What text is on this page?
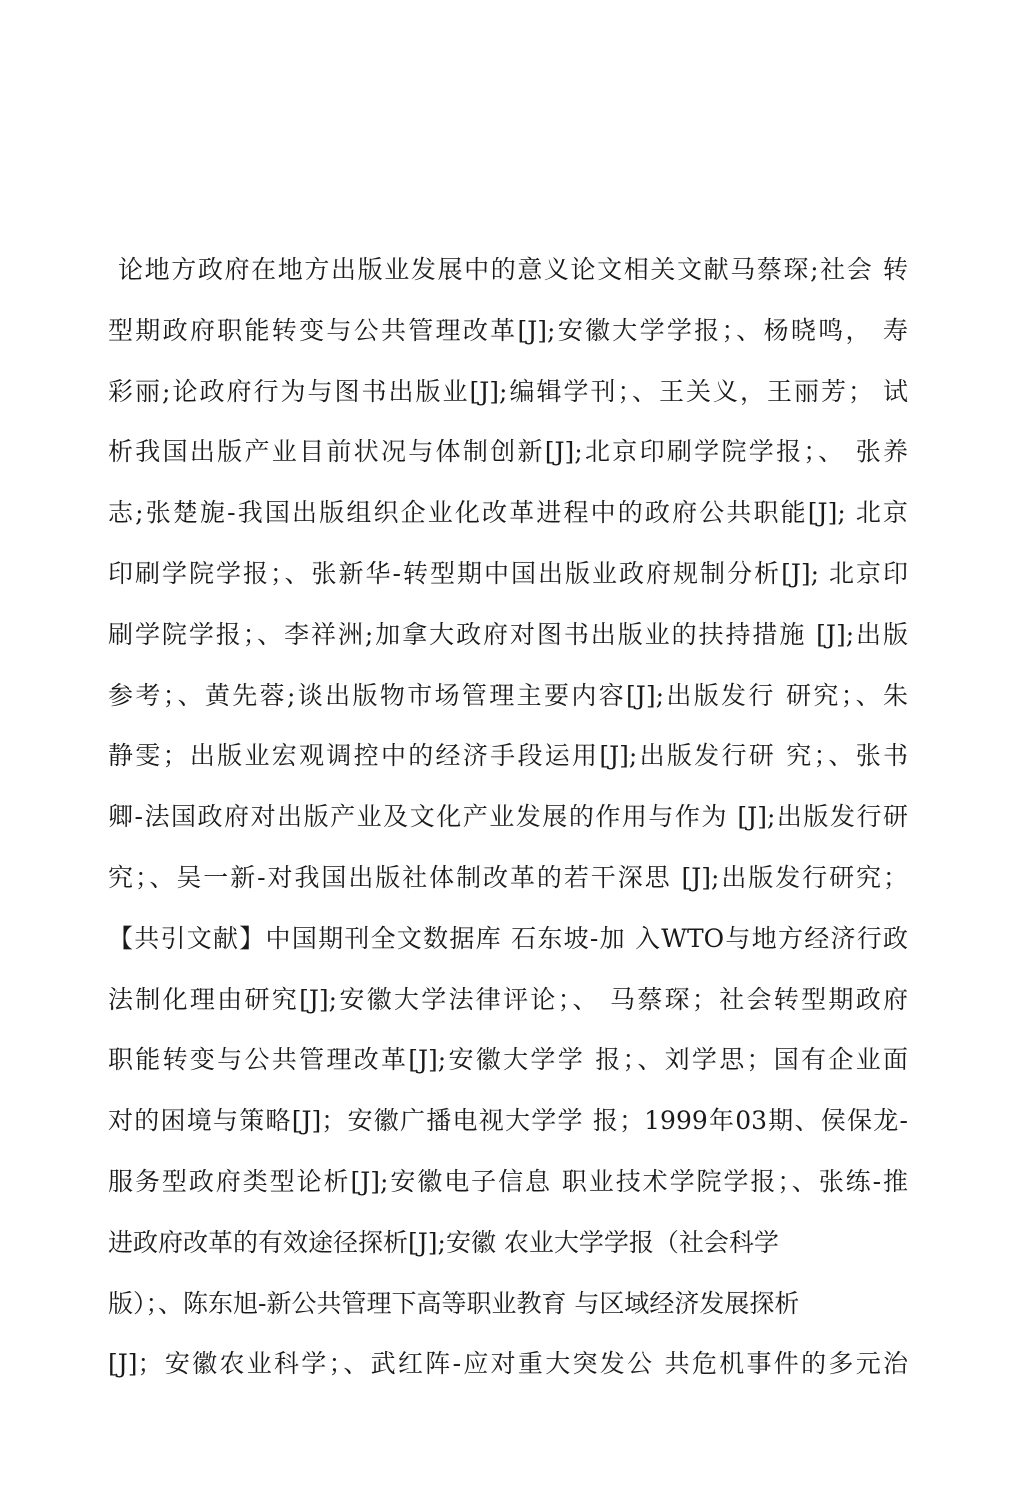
论地方政府在地方出版业发展中的意义论文相关文献马蔡琛;社会 转
型期政府职能转变与公共管理改革[J];安徽大学学报；、杨晓鸣， 寿
彩丽;论政府行为与图书出版业[J];编辑学刊；、王关义，王丽芳； 试
析我国出版产业目前状况与体制创新[J];北京印刷学院学报；、 张养
志;张楚旎-我国出版组织企业化改革进程中的政府公共职能[J]; 北京
印刷学院学报；、张新华-转型期中国出版业政府规制分析[J]; 北京印
刷学院学报；、李祥洲;加拿大政府对图书出版业的扶持措施 [J];出版
参考；、黄先蓉;谈出版物市场管理主要内容[J];出版发行 研究；、朱
静雯；出版业宏观调控中的经济手段运用[J];出版发行研 究；、张书
卿-法国政府对出版产业及文化产业发展的作用与作为 [J];出版发行研
究；、吴一新-对我国出版社体制改革的若干深思 [J];出版发行研究；
【共引文献】中国期刊全文数据库 石东坡-加 入WTO与地方经济行政
法制化理由研究[J];安徽大学法律评论；、 马蔡琛；社会转型期政府
职能转变与公共管理改革[J];安徽大学学 报；、刘学思；国有企业面
对的困境与策略[J]；安徽广播电视大学学 报；1999年03期、侯保龙-
服务型政府类型论析[J];安徽电子信息 职业技术学院学报；、张练-推
进政府改革的有效途径探析[J];安徽 农业大学学报（社会科学
版）；、陈东旭-新公共管理下高等职业教育 与区域经济发展探析
[J]；安徽农业科学；、武红阵-应对重大突发公 共危机事件的多元治
